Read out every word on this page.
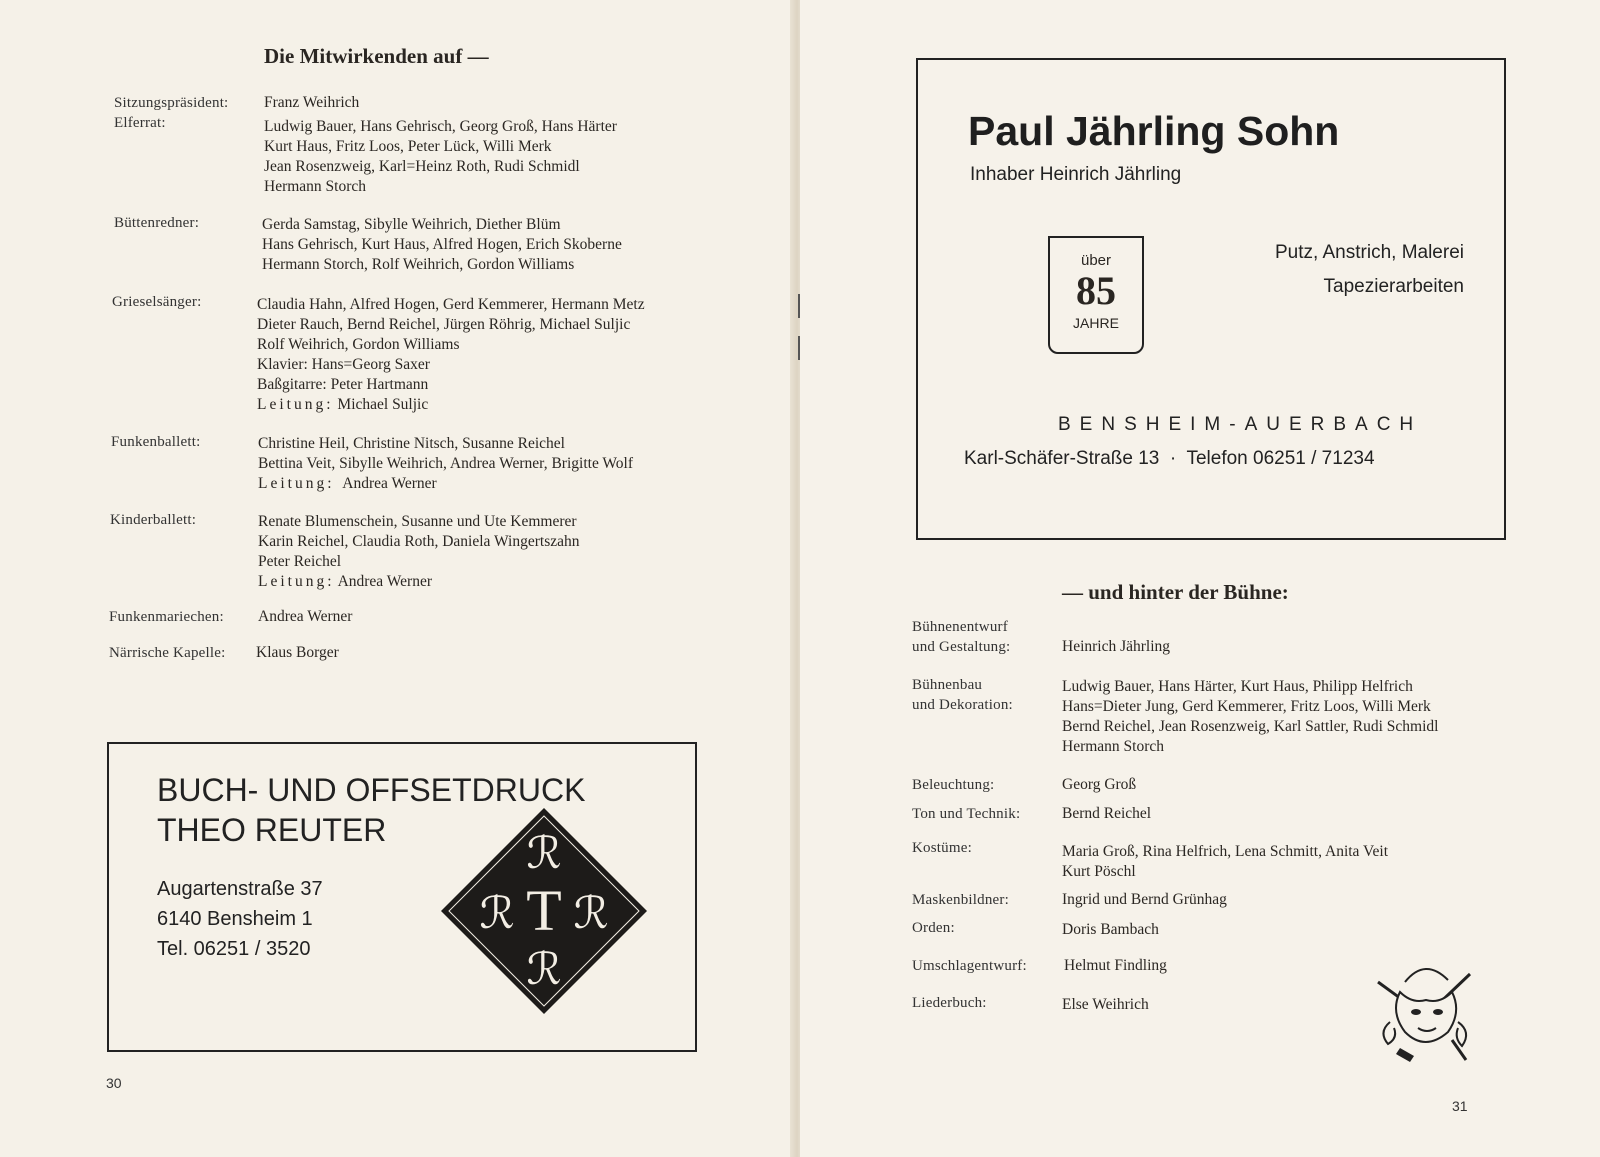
Die Mitwirkenden auf —
Sitzungspräsident: Franz Weihrich
Elferrat:	Ludwig Bauer, Hans Gehrisch, Georg Groß, Hans Härter
Kurt Haus, Fritz Loos, Peter Lück, Willi Merk
Jean Rosenzweig, Karl=Heinz Roth, Rudi Schmidl
Hermann Storch
Büttenredner:	Gerda Samstag, Sibylle Weihrich, Diether Blüm
Hans Gehrisch, Kurt Haus, Alfred Hogen, Erich Skoberne
Hermann Storch, Rolf Weihrich, Gordon Williams
Grieselsänger:	Claudia Hahn, Alfred Hogen, Gerd Kemmerer, Hermann Metz
Dieter Rauch, Bernd Reichel, Jürgen Röhrig, Michael Suljic
Rolf Weihrich, Gordon Williams
Klavier: Hans=Georg Saxer
Baßgitarre: Peter Hartmann
Leitung: Michael Suljic
Funkenballett:	Christine Heil, Christine Nitsch, Susanne Reichel
Bettina Veit, Sibylle Weihrich, Andrea Werner, Brigitte Wolf
Leitung: Andrea Werner
Kinderballett:	Renate Blumenschein, Susanne und Ute Kemmerer
Karin Reichel, Claudia Roth, Daniela Wingertszahn
Peter Reichel
Leitung: Andrea Werner
Funkenmariechen: Andrea Werner
Närrische Kapelle: Klaus Borger
BUCH- UND OFFSETDRUCK
THEO REUTER
Augartenstraße 37
6140 Bensheim 1
Tel. 06251 / 3520
T
ℛ
ℛ ℛ
ℛ
30
Paul Jährling Sohn
Inhaber Heinrich Jährling
über
85
JAHRE
Putz, Anstrich, Malerei
Tapezierarbeiten
BENSHEIM-AUERBACH
Karl-Schäfer-Straße 13  ·  Telefon 06251 / 71234
— und hinter der Bühne:
Bühnenentwurf
und Gestaltung:	Heinrich Jährling
Bühnenbau
und Dekoration:
Ludwig Bauer, Hans Härter, Kurt Haus, Philipp Helfrich
Hans=Dieter Jung, Gerd Kemmerer, Fritz Loos, Willi Merk
Bernd Reichel, Jean Rosenzweig, Karl Sattler, Rudi Schmidl
Hermann Storch
Beleuchtung:	Georg Groß
Ton und Technik:	Bernd Reichel
Kostüme:	Maria Groß, Rina Helfrich, Lena Schmitt, Anita Veit
Kurt Pöschl
Maskenbildner:	Ingrid und Bernd Grünhag
Orden:	Doris Bambach
Umschlagentwurf: Helmut Findling
Liederbuch:	Else Weihrich
31
